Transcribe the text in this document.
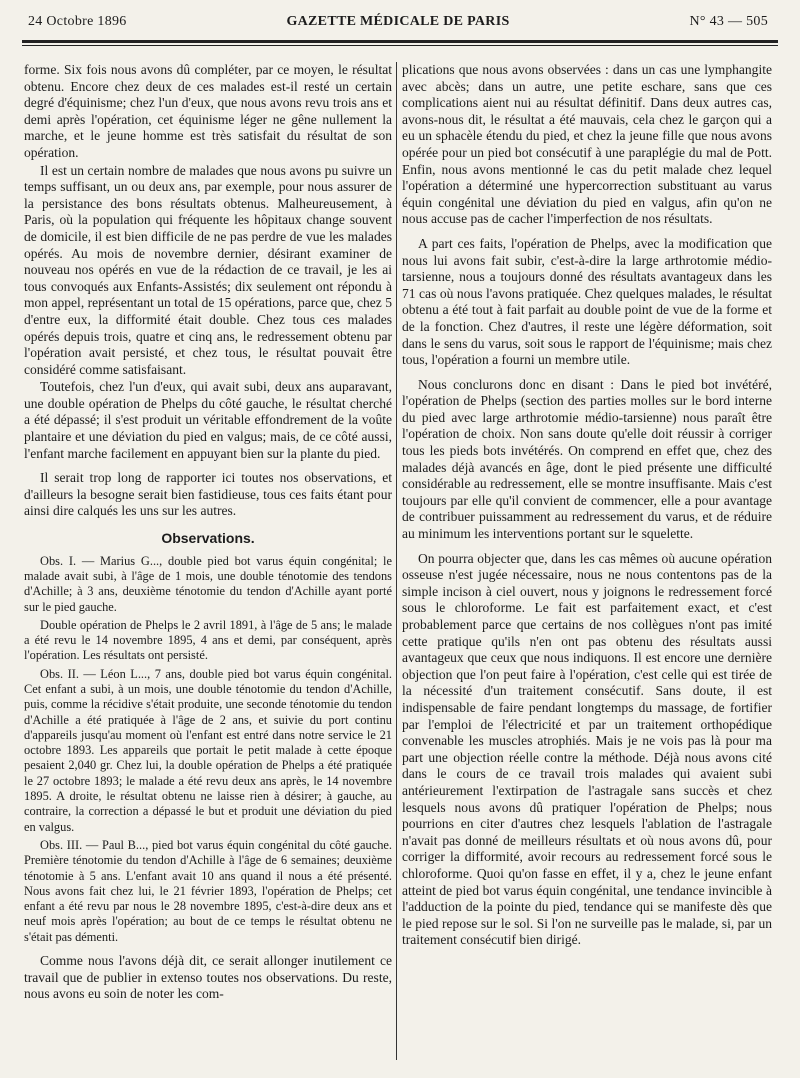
24 Octobre 1896	GAZETTE MÉDICALE DE PARIS	N° 43 — 505

forme. Six fois nous avons dû compléter, par ce moyen, le résultat obtenu. Encore chez deux de ces malades est-il resté un certain degré d'équinisme; chez l'un d'eux, que nous avons revu trois ans et demi après l'opération, cet équinisme léger ne gêne nullement la marche, et le jeune homme est très satisfait du résultat de son opération.

Il est un certain nombre de malades que nous avons pu suivre un temps suffisant, un ou deux ans, par exemple, pour nous assurer de la persistance des bons résultats obtenus. Malheureusement, à Paris, où la population qui fréquente les hôpitaux change souvent de domicile, il est bien difficile de ne pas perdre de vue les malades opérés. Au mois de novembre dernier, désirant examiner de nouveau nos opérés en vue de la rédaction de ce travail, je les ai tous convoqués aux Enfants-Assistés; dix seulement ont répondu à mon appel, représentant un total de 15 opérations, parce que, chez 5 d'entre eux, la difformité était double. Chez tous ces malades opérés depuis trois, quatre et cinq ans, le redressement obtenu par l'opération avait persisté, et chez tous, le résultat pouvait être considéré comme satisfaisant.

Toutefois, chez l'un d'eux, qui avait subi, deux ans auparavant, une double opération de Phelps du côté gauche, le résultat cherché a été dépassé; il s'est produit un véritable effondrement de la voûte plantaire et une déviation du pied en valgus; mais, de ce côté aussi, l'enfant marche facilement en appuyant bien sur la plante du pied.

Il serait trop long de rapporter ici toutes nos observations, et d'ailleurs la besogne serait bien fastidieuse, tous ces faits étant pour ainsi dire calqués les uns sur les autres.

Observations.

Obs. I. — Marius G..., double pied bot varus équin congénital; le malade avait subi, à l'âge de 1 mois, une double ténotomie des tendons d'Achille; à 3 ans, deuxième ténotomie du tendon d'Achille ayant porté sur le pied gauche.

Double opération de Phelps le 2 avril 1891, à l'âge de 5 ans; le malade a été revu le 14 novembre 1895, 4 ans et demi, par conséquent, après l'opération. Les résultats ont persisté.

Obs. II. — Léon L..., 7 ans, double pied bot varus équin congénital. Cet enfant a subi, à un mois, une double ténotomie du tendon d'Achille, puis, comme la récidive s'était produite, une seconde ténotomie du tendon d'Achille a été pratiquée à l'âge de 2 ans, et suivie du port continu d'appareils jusqu'au moment où l'enfant est entré dans notre service le 21 octobre 1893. Les appareils que portait le petit malade à cette époque pesaient 2,040 gr. Chez lui, la double opération de Phelps a été pratiquée le 27 octobre 1893; le malade a été revu deux ans après, le 14 novembre 1895. A droite, le résultat obtenu ne laisse rien à désirer; à gauche, au contraire, la correction a dépassé le but et produit une déviation du pied en valgus.

Obs. III. — Paul B..., pied bot varus équin congénital du côté gauche. Première ténotomie du tendon d'Achille à l'âge de 6 semaines; deuxième ténotomie à 5 ans. L'enfant avait 10 ans quand il nous a été présenté. Nous avons fait chez lui, le 21 février 1893, l'opération de Phelps; cet enfant a été revu par nous le 28 novembre 1895, c'est-à-dire deux ans et neuf mois après l'opération; au bout de ce temps le résultat obtenu ne s'était pas démenti.

Comme nous l'avons déjà dit, ce serait allonger inutilement ce travail que de publier in extenso toutes nos observations. Du reste, nous avons eu soin de noter les com-

plications que nous avons observées : dans un cas une lymphangite avec abcès; dans un autre, une petite eschare, sans que ces complications aient nui au résultat définitif. Dans deux autres cas, avons-nous dit, le résultat a été mauvais, cela chez le garçon qui a eu un sphacèle étendu du pied, et chez la jeune fille que nous avons opérée pour un pied bot consécutif à une paraplégie du mal de Pott. Enfin, nous avons mentionné le cas du petit malade chez lequel l'opération a déterminé une hypercorrection substituant au varus équin congénital une déviation du pied en valgus, afin qu'on ne nous accuse pas de cacher l'imperfection de nos résultats.

A part ces faits, l'opération de Phelps, avec la modification que nous lui avons fait subir, c'est-à-dire la large arthrotomie médio-tarsienne, nous a toujours donné des résultats avantageux dans les 71 cas où nous l'avons pratiquée. Chez quelques malades, le résultat obtenu a été tout à fait parfait au double point de vue de la forme et de la fonction. Chez d'autres, il reste une légère déformation, soit dans le sens du varus, soit sous le rapport de l'équinisme; mais chez tous, l'opération a fourni un membre utile.

Nous conclurons donc en disant : Dans le pied bot invétéré, l'opération de Phelps (section des parties molles sur le bord interne du pied avec large arthrotomie médio-tarsienne) nous paraît être l'opération de choix. Non sans doute qu'elle doit réussir à corriger tous les pieds bots invétérés. On comprend en effet que, chez des malades déjà avancés en âge, dont le pied présente une difficulté considérable au redressement, elle se montre insuffisante. Mais c'est toujours par elle qu'il convient de commencer, elle a pour avantage de contribuer puissamment au redressement du varus, et de réduire au minimum les interventions portant sur le squelette.

On pourra objecter que, dans les cas mêmes où aucune opération osseuse n'est jugée nécessaire, nous ne nous contentons pas de la simple incison à ciel ouvert, nous y joignons le redressement forcé sous le chloroforme. Le fait est parfaitement exact, et c'est probablement parce que certains de nos collègues n'ont pas imité cette pratique qu'ils n'en ont pas obtenu des résultats aussi avantageux que ceux que nous indiquons. Il est encore une dernière objection que l'on peut faire à l'opération, c'est celle qui est tirée de la nécessité d'un traitement consécutif. Sans doute, il est indispensable de faire pendant longtemps du massage, de fortifier par l'emploi de l'électricité et par un traitement orthopédique convenable les muscles atrophiés. Mais je ne vois pas là pour ma part une objection réelle contre la méthode. Déjà nous avons cité dans le cours de ce travail trois malades qui avaient subi antérieurement l'extirpation de l'astragale sans succès et chez lesquels nous avons dû pratiquer l'opération de Phelps; nous pourrions en citer d'autres chez lesquels l'ablation de l'astragale n'avait pas donné de meilleurs résultats et où nous avons dû, pour corriger la difformité, avoir recours au redressement forcé sous le chloroforme. Quoi qu'on fasse en effet, il y a, chez le jeune enfant atteint de pied bot varus équin congénital, une tendance invincible à l'adduction de la pointe du pied, tendance qui se manifeste dès que le pied repose sur le sol. Si l'on ne surveille pas le malade, si, par un traitement consécutif bien dirigé.
